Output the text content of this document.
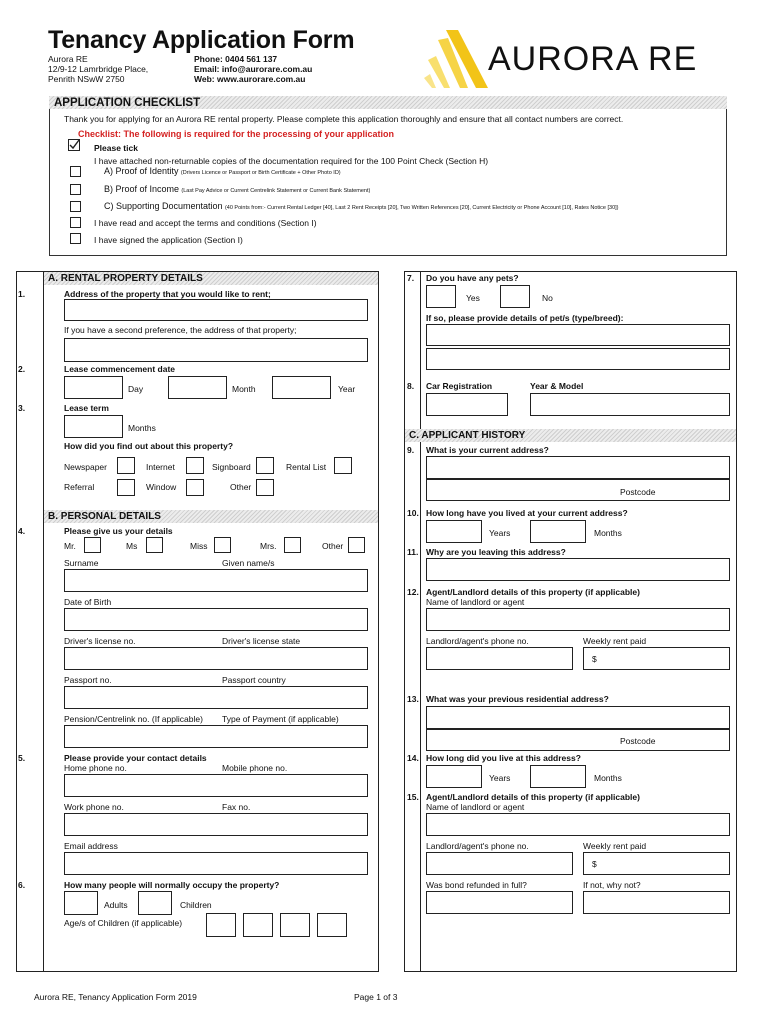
Tenancy Application Form
Aurora RE
12/9-12 Lamrbridge Place,
Penrith NSwW 2750
Phone: 0404 561 137
Email: info@aurorare.com.au
Web: www.aurorare.com.au
AURORA RE
APPLICATION CHECKLIST
Thank you for applying for an Aurora RE rental property. Please complete this application thoroughly and ensure that all contact numbers are correct.
Checklist: The following is required for the processing of your application
Please tick
I have attached non-returnable copies of the documentation required for the 100 Point Check (Section H)
A) Proof of Identity (Drivers Licence or Passport or Birth Certificate + Other Photo ID)
B) Proof of Income (Last Pay Advice or Current Centrelink Statement or Current Bank Statement)
C) Supporting Documentation (40 Points from:- Current Rental Ledger [40], Last 2 Rent Receipts [20], Two Written References [20], Current Electricity or Phone Account [10], Rates Notice [30])
I have read and accept the terms and conditions (Section I)
I have signed the application (Section I)
A. RENTAL PROPERTY DETAILS
1.	Address of the property that you would like to rent;
If you have a second preference, the address of that property;
2.	Lease commencement date
Day	Month	Year
3.	Lease term
Months
How did you find out about this property?
Newspaper	Internet	Signboard	Rental List
Referral	Window	Other
B. PERSONAL DETAILS
4.	Please give us your details
Mr.	Ms	Miss	Mrs.	Other
Surname	Given name/s
Date of Birth
Driver's license no.	Driver's license state
Passport no.	Passport country
Pension/Centrelink no. (If applicable) Type of Payment (if applicable)
5.	Please provide your contact details
Home phone no.	Mobile phone no.
Work phone no.	Fax no.
Email address
6.	How many people will normally occupy the property?
Adults	Children
Age/s of Children (if applicable)
7. Do you have any pets?
Yes	No
If so, please provide details of pet/s (type/breed):
8. Car Registration	Year & Model
C. APPLICANT HISTORY
9. What is your current address?
Postcode
10. How long have you lived at your current address?
Years	Months
11. Why are you leaving this address?
12. Agent/Landlord details of this property (if applicable)
Name of landlord or agent
Landlord/agent's phone no.	Weekly rent paid
$
13. What was your previous residential address?
Postcode
14. How long did you live at this address?
Years	Months
15. Agent/Landlord details of this property (if applicable)
Name of landlord or agent
Landlord/agent's phone no.	Weekly rent paid
$
Was bond refunded in full?	If not, why not?
Aurora RE, Tenancy Application Form 2019	Page 1 of 3
